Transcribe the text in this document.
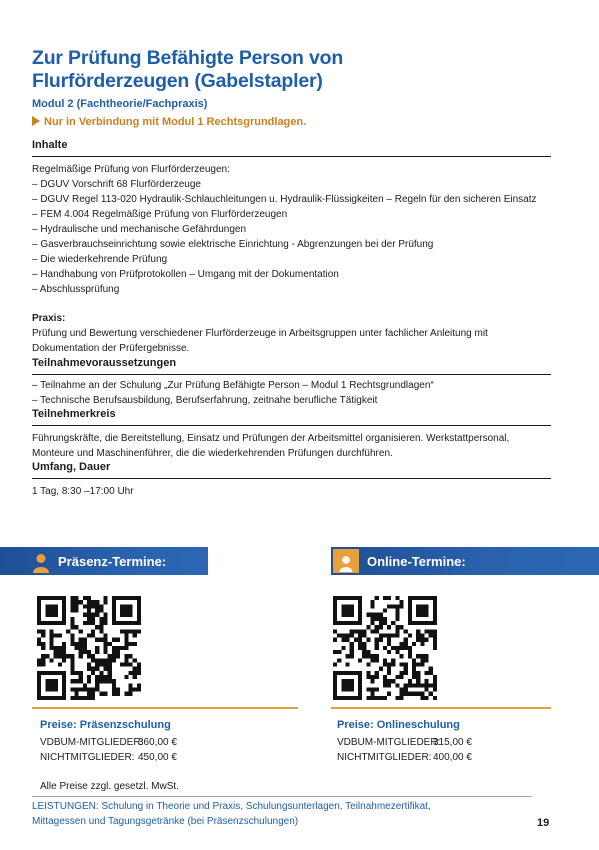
Zur Prüfung Befähigte Person von
Flurförderzeugen (Gabelstapler)
Modul 2 (Fachtheorie/Fachpraxis)
Nur in Verbindung mit Modul 1 Rechtsgrundlagen.
Inhalte
Regelmäßige Prüfung von Flurförderzeugen:
– DGUV Vorschrift 68 Flurförderzeuge
– DGUV Regel 113-020 Hydraulik-Schlauchleitungen u. Hydraulik-Flüssigkeiten – Regeln für den sicheren Einsatz
– FEM 4.004 Regelmäßige Prüfung von Flurförderzeugen
– Hydraulische und mechanische Gefährdungen
– Gasverbrauchseinrichtung sowie elektrische Einrichtung - Abgrenzungen bei der Prüfung
– Die wiederkehrende Prüfung
– Handhabung von Prüfprotokollen – Umgang mit der Dokumentation
– Abschlussprüfung
Praxis:
Prüfung und Bewertung verschiedener Flurförderzeuge in Arbeitsgruppen unter fachlicher Anleitung mit Dokumentation der Prüfergebnisse.
Teilnahmevoraussetzungen
– Teilnahme an der Schulung „Zur Prüfung Befähigte Person – Modul 1 Rechtsgrundlagen“
– Technische Berufsausbildung, Berufserfahrung, zeitnahe berufliche Tätigkeit
Teilnehmerkreis
Führungskräfte, die Bereitstellung, Einsatz und Prüfungen der Arbeitsmittel organisieren. Werkstattpersonal, Monteure und Maschinenführer, die die wiederkehrenden Prüfungen durchführen.
Umfang, Dauer
1 Tag, 8:30 –17:00 Uhr
Präsenz-Termine:	Online-Termine:
Preise: Präsenzschulung
VDBUM-MITGLIEDER:
360,00 €
NICHTMITGLIEDER: 450,00 €
Preise: Onlineschulung
VDBUM-MITGLIEDER:
315,00 €
NICHTMITGLIEDER: 400,00 €
Alle Preise zzgl. gesetzl. MwSt.
LEISTUNGEN: Schulung in Theorie und Praxis, Schulungsunterlagen, Teilnahmezertifikat,
Mittagessen und Tagungsgetränke (bei Präsenzschulungen)	19
